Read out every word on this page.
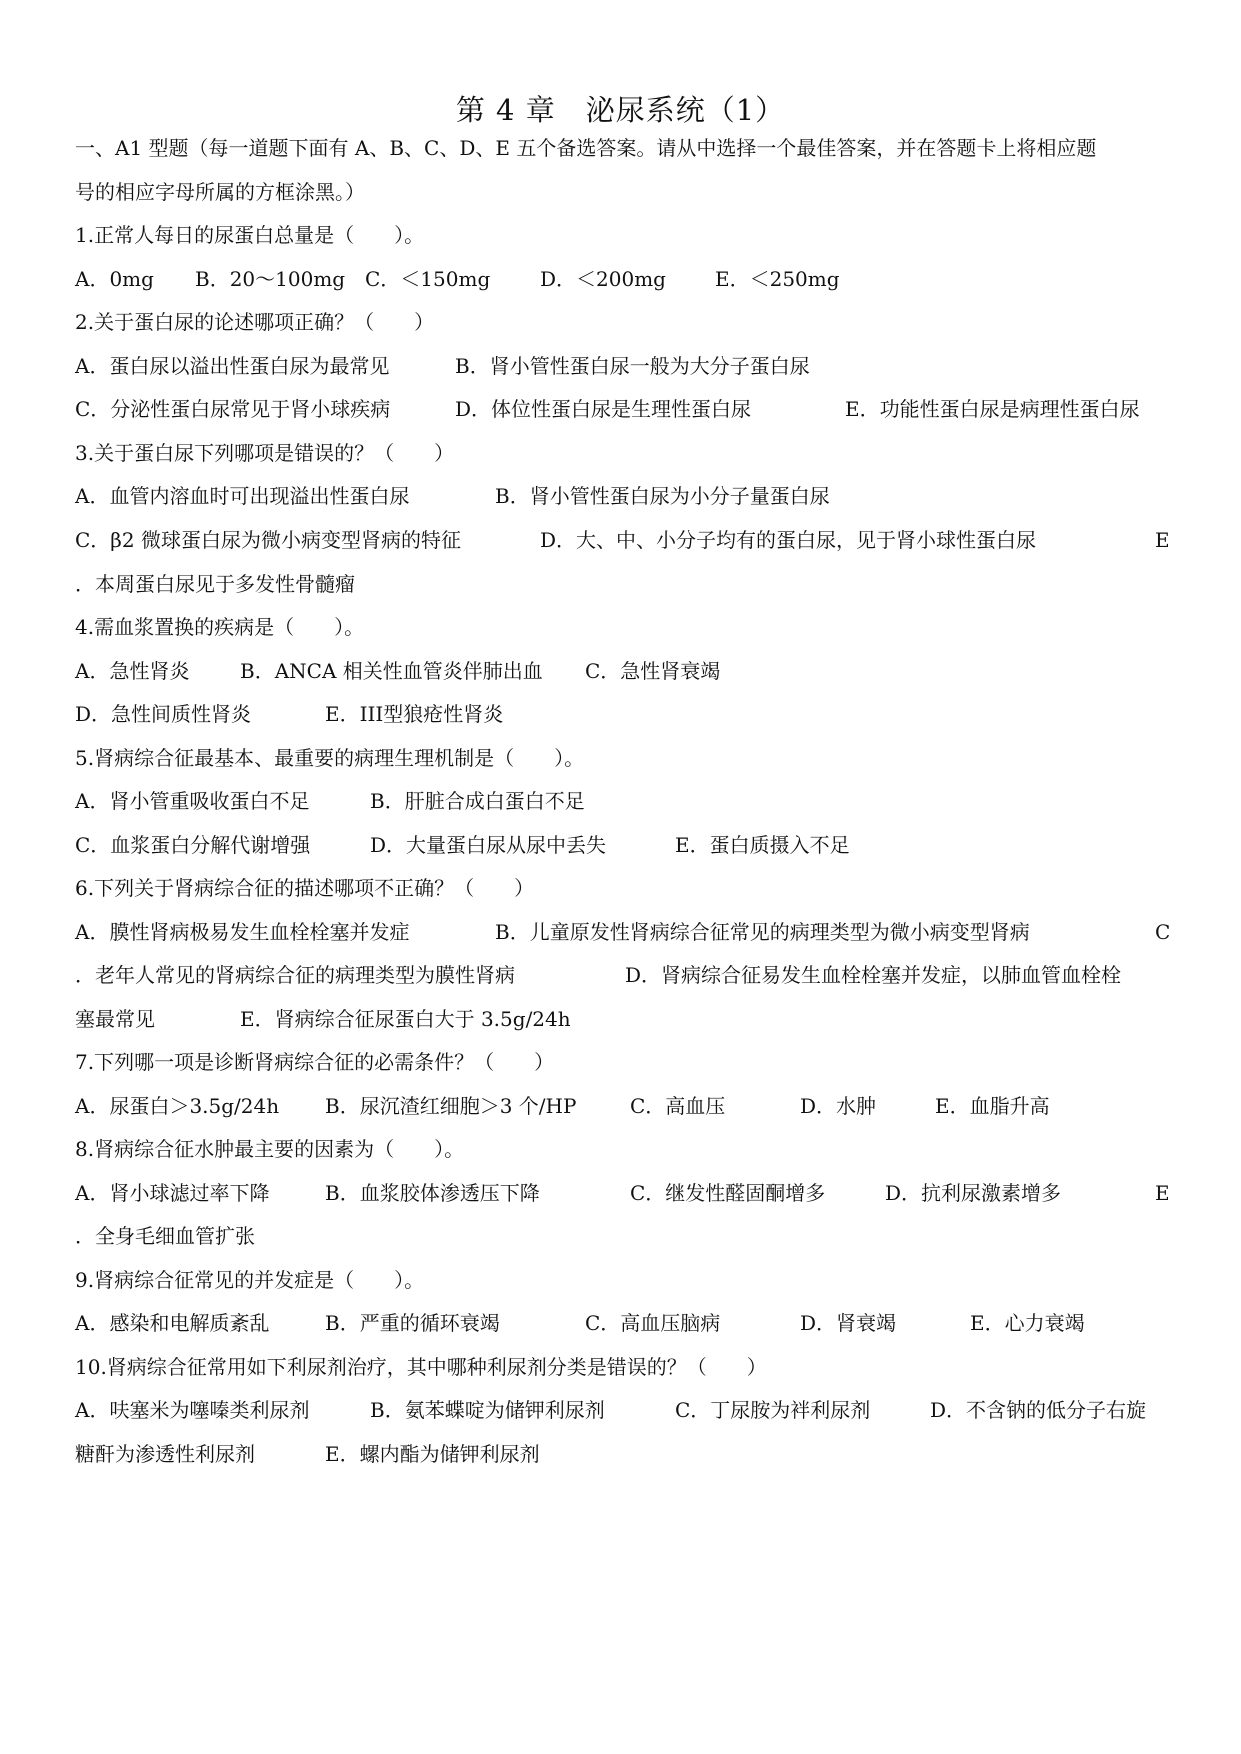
第 4 章　泌尿系统（1）
一、A1 型题（每一道题下面有 A、B、C、D、E 五个备选答案。请从中选择一个最佳答案，并在答题卡上将相应题
号的相应字母所属的方框涂黑。）
1.正常人每日的尿蛋白总量是（　　）。
A．0mg B．20～100mg C．＜150mg D．＜200mg E．＜250mg
2.关于蛋白尿的论述哪项正确？（　　）
A．蛋白尿以溢出性蛋白尿为最常见	B．肾小管性蛋白尿一般为大分子蛋白尿
C．分泌性蛋白尿常见于肾小球疾病	D．体位性蛋白尿是生理性蛋白尿	E．功能性蛋白尿是病理性蛋白尿
3.关于蛋白尿下列哪项是错误的？（　　）
A．血管内溶血时可出现溢出性蛋白尿	B．肾小管性蛋白尿为小分子量蛋白尿
C．β2 微球蛋白尿为微小病变型肾病的特征	D．大、中、小分子均有的蛋白尿，见于肾小球性蛋白尿	E
．本周蛋白尿见于多发性骨髓瘤
4.需血浆置换的疾病是（　　）。
A．急性肾炎	B．ANCA 相关性血管炎伴肺出血 C．急性肾衰竭
D．急性间质性肾炎	E．III型狼疮性肾炎
5.肾病综合征最基本、最重要的病理生理机制是（　　）。
A．肾小管重吸收蛋白不足	B．肝脏合成白蛋白不足
C．血浆蛋白分解代谢增强	D．大量蛋白尿从尿中丢失	E．蛋白质摄入不足
6.下列关于肾病综合征的描述哪项不正确？（　　）
A．膜性肾病极易发生血栓栓塞并发症	B．儿童原发性肾病综合征常见的病理类型为微小病变型肾病	C
．老年人常见的肾病综合征的病理类型为膜性肾病	D．肾病综合征易发生血栓栓塞并发症，以肺血管血栓栓
塞最常见	E．肾病综合征尿蛋白大于 3.5g/24h
7.下列哪一项是诊断肾病综合征的必需条件？（　　）
A．尿蛋白＞3.5g/24h B．尿沉渣红细胞＞3 个/HP	C．高血压	D．水肿	E．血脂升高
8.肾病综合征水肿最主要的因素为（　　）。
A．肾小球滤过率下降	B．血浆胶体渗透压下降	C．继发性醛固酮增多	D．抗利尿激素增多	E
．全身毛细血管扩张
9.肾病综合征常见的并发症是（　　）。
A．感染和电解质紊乱	B．严重的循环衰竭	C．高血压脑病	D．肾衰竭	E．心力衰竭
10.肾病综合征常用如下利尿剂治疗，其中哪种利尿剂分类是错误的？（　　）
A．呋塞米为噻嗪类利尿剂	B．氨苯蝶啶为储钾利尿剂	C．丁尿胺为袢利尿剂	D．不含钠的低分子右旋
糖酐为渗透性利尿剂	E．螺内酯为储钾利尿剂
